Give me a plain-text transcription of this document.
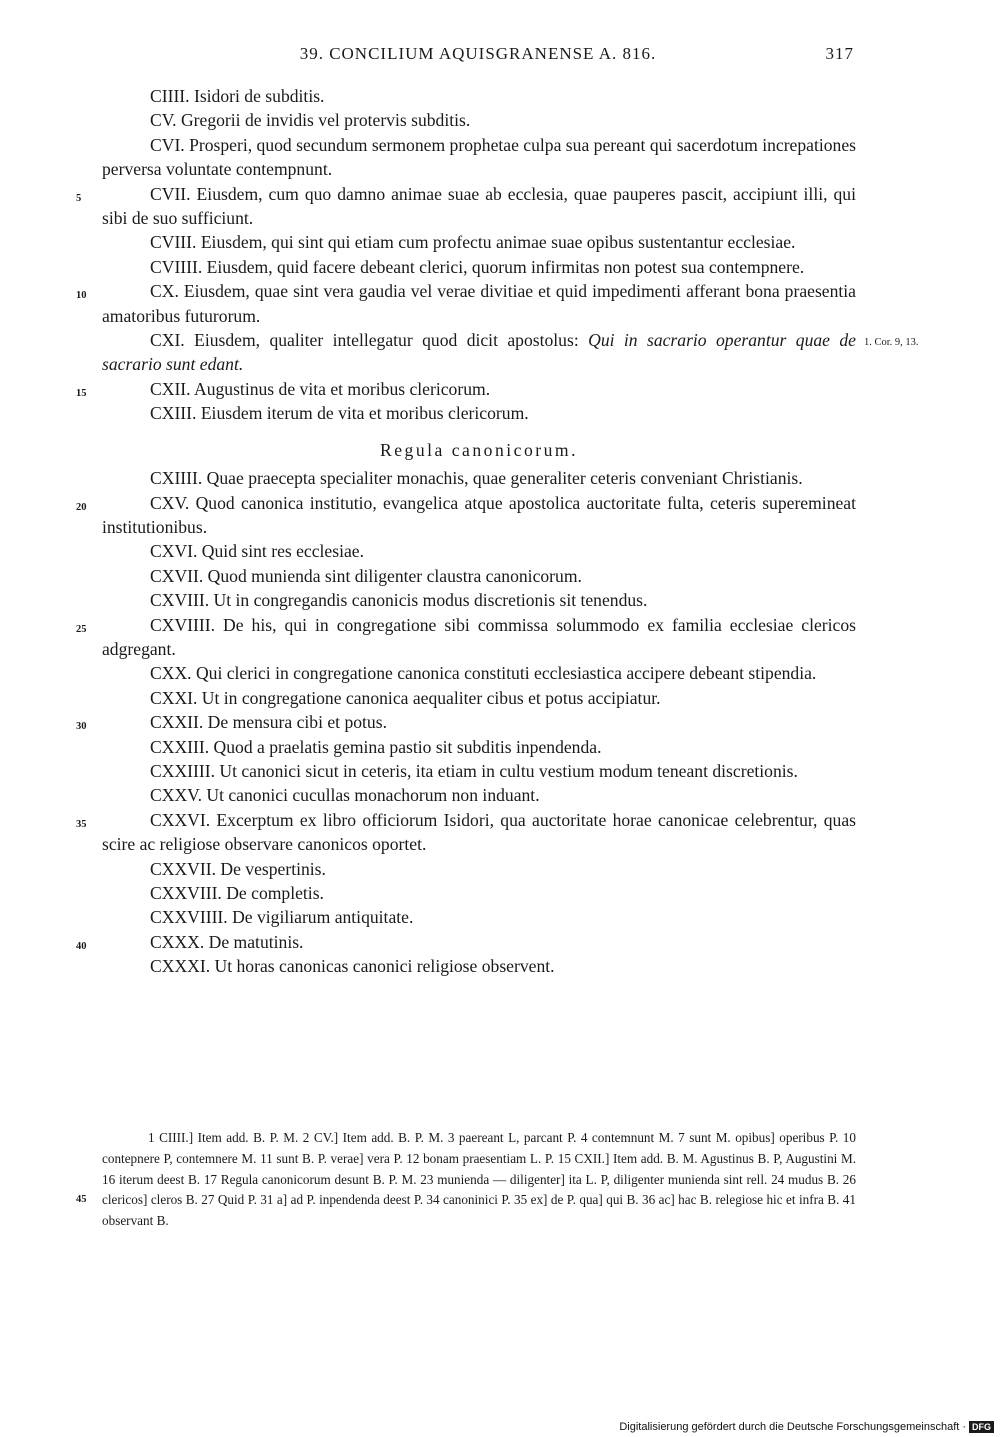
39. CONCILIUM AQUISGRANENSE A. 816.	317

CIIII. Isidori de subditis.

CV. Gregorii de invidis vel protervis subditis.

CVI. Prosperi, quod secundum sermonem prophetae culpa sua pereant qui sacerdotum increpationes perversa voluntate contempnunt.

CVII. Eiusdem, cum quo damno animae suae ab ecclesia, quae pauperes pascit, accipiunt illi, qui sibi de suo sufficiunt.
5

CVIII. Eiusdem, qui sint qui etiam cum profectu animae suae opibus sustentantur ecclesiae.

CVIIII. Eiusdem, quid facere debeant clerici, quorum infirmitas non potest sua contempnere.
10	CX. Eiusdem, quae sint vera gaudia vel verae divitiae et quid impedimenti afferant bona praesentia amatoribus futurorum.

CXI. Eiusdem, qualiter intellegatur quod dicit apostolus: Qui in sacrario operantur quae de sacrario sunt edant.
1. Cor. 9, 13.

CXII. Augustinus de vita et moribus clericorum.
15

CXIII. Eiusdem iterum de vita et moribus clericorum.

Regula canonicorum.

CXIIII. Quae praecepta specialiter monachis, quae generaliter ceteris conveniant Christianis.

CXV. Quod canonica institutio, evangelica atque apostolica auctoritate fulta, ceteris superemineat institutionibus.
20

CXVI. Quid sint res ecclesiae.

CXVII. Quod munienda sint diligenter claustra canonicorum.

CXVIII. Ut in congregandis canonicis modus discretionis sit tenendus.

CXVIIII. De his, qui in congregatione sibi commissa solummodo ex familia ecclesiae clericos adgregant.
25

CXX. Qui clerici in congregatione canonica constituti ecclesiastica accipere debeant stipendia.

CXXI. Ut in congregatione canonica aequaliter cibus et potus accipiatur.

CXXII. De mensura cibi et potus.
30

CXXIII. Quod a praelatis gemina pastio sit subditis inpendenda.

CXXIIII. Ut canonici sicut in ceteris, ita etiam in cultu vestium modum teneant discretionis.

CXXV. Ut canonici cucullas monachorum non induant.

CXXVI. Excerptum ex libro officiorum Isidori, qua auctoritate horae canonicae celebrentur, quas scire ac religiose observare canonicos oportet.
35

CXXVII. De vespertinis.

CXXVIII. De completis.

CXXVIIII. De vigiliarum antiquitate.

CXXX. De matutinis.
40

CXXXI. Ut horas canonicas canonici religiose observent.

45
1 CIIII.] Item add. B. P. M. 2 CV.] Item add. B. P. M. 3 paereant L, parcant P. 4 contemnunt M. 7 sunt M. opibus] operibus P. 10 contepnere P, contemnere M. 11 sunt B. P. verae] vera P. 12 bonam praesentiam L. P. 15 CXII.] Item add. B. M. Agustinus B. P, Augustini M. 16 iterum deest B. 17 Regula canonicorum desunt B. P. M. 23 munienda — diligenter] ita L. P, diligenter munienda sint rell. 24 mudus B. 26 clericos] cleros B. 27 Quid P. 31 a] ad P. inpendenda deest P. 34 canoninici P. 35 ex] de P. qua] qui B. 36 ac] hac B. relegiose hic et infra B. 41 observant B.
Digitalisierung gefördert durch die Deutsche Forschungsgemeinschaft · DFG
